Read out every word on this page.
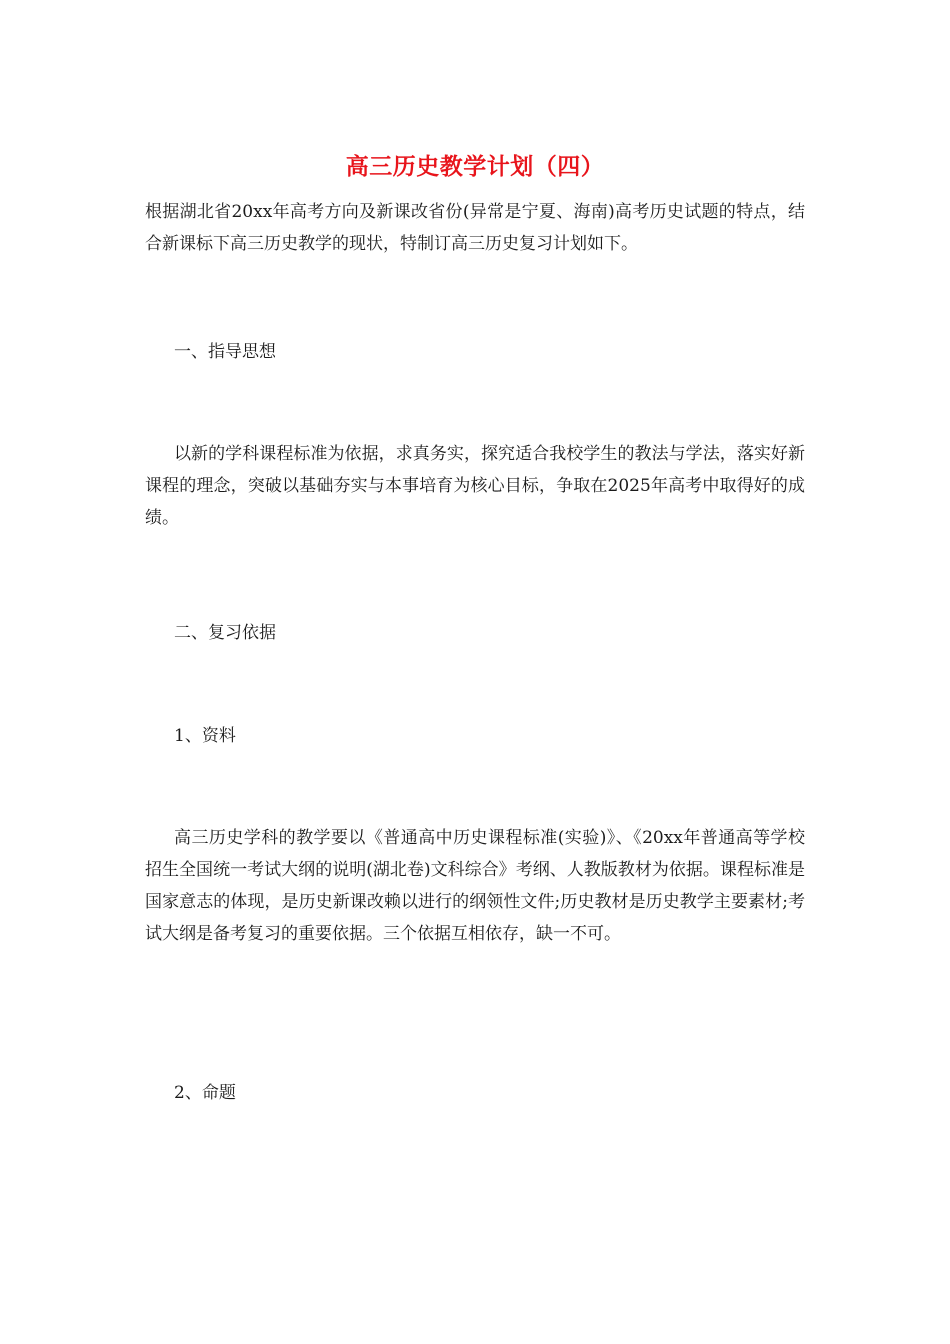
高三历史教学计划（四）

根据湖北省20xx年高考方向及新课改省份(异常是宁夏、海南)高考历史试题的特点，结合新课标下高三历史教学的现状，特制订高三历史复习计划如下。

一、指导思想

以新的学科课程标准为依据，求真务实，探究适合我校学生的教法与学法，落实好新课程的理念，突破以基础夯实与本事培育为核心目标，争取在2025年高考中取得好的成绩。

二、复习依据

1、资料

高三历史学科的教学要以《普通高中历史课程标准(实验)》、《20xx年普通高等学校招生全国统一考试大纲的说明(湖北卷)文科综合》考纲、人教版教材为依据。课程标准是国家意志的体现，是历史新课改赖以进行的纲领性文件;历史教材是历史教学主要素材;考试大纲是备考复习的重要依据。三个依据互相依存，缺一不可。

2、命题
